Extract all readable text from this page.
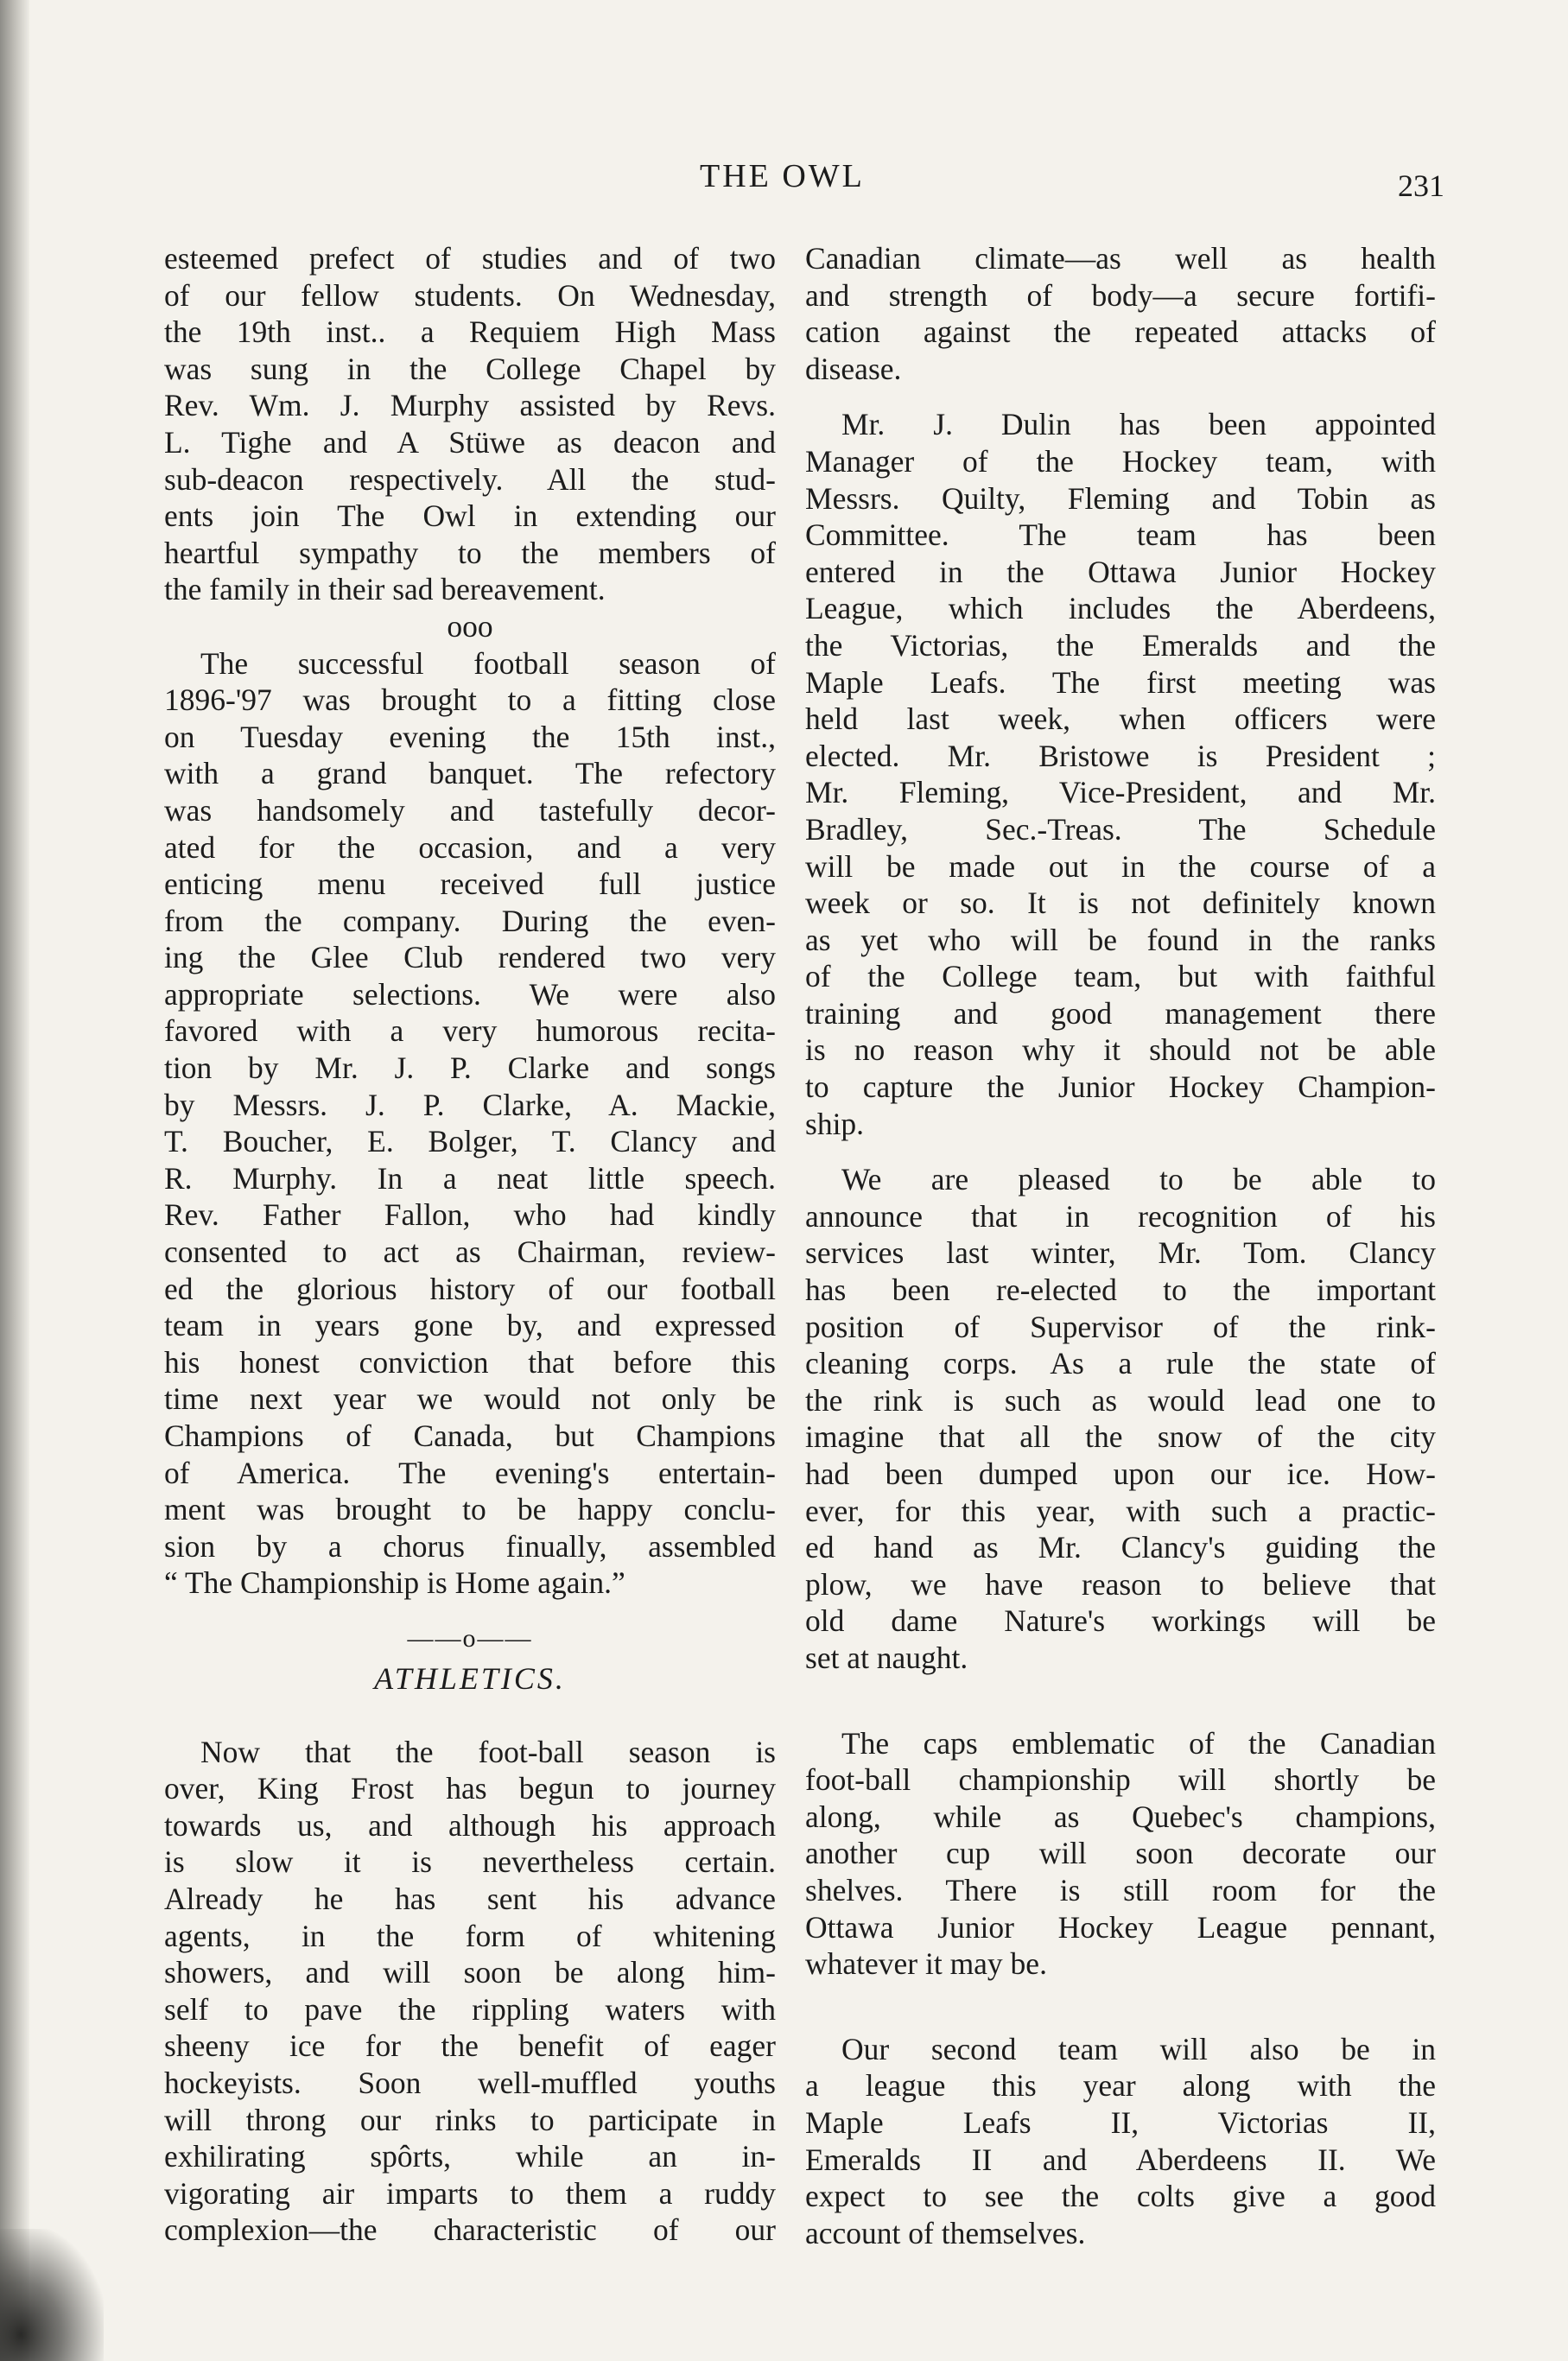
THE OWL	231
esteemed prefect of studies and of two
of our fellow students. On Wednesday,
the 19th inst.. a Requiem High Mass
was sung in the College Chapel by
Rev. Wm. J. Murphy assisted by Revs.
L. Tighe and A Stüwe as deacon and
sub-deacon respectively. All the stud-
ents join The Owl in extending our
heartful sympathy to the members of
the family in their sad bereavement.
ooo
The successful football season of
1896-'97 was brought to a fitting close
on Tuesday evening the 15th inst.,
with a grand banquet. The refectory
was handsomely and tastefully decor-
ated for the occasion, and a very
enticing menu received full justice
from the company. During the even-
ing the Glee Club rendered two very
appropriate selections. We were also
favored with a very humorous recita-
tion by Mr. J. P. Clarke and songs
by Messrs. J. P. Clarke, A. Mackie,
T. Boucher, E. Bolger, T. Clancy and
R. Murphy. In a neat little speech.
Rev. Father Fallon, who had kindly
consented to act as Chairman, review-
ed the glorious history of our football
team in years gone by, and expressed
his honest conviction that before this
time next year we would not only be
Champions of Canada, but Champions
of America. The evening's entertain-
ment was brought to be happy conclu-
sion by a chorus finually, assembled
“ The Championship is Home again.”
——o——
ATHLETICS.
Now that the foot-ball season is
over, King Frost has begun to journey
towards us, and although his approach
is slow it is nevertheless certain.
Already he has sent his advance
agents, in the form of whitening
showers, and will soon be along him-
self to pave the rippling waters with
sheeny ice for the benefit of eager
hockeyists. Soon well-muffled youths
will throng our rinks to participate in
exhilirating spôrts, while an in-
vigorating air imparts to them a ruddy
complexion—the characteristic of our
Canadian climate—as well as health
and strength of body—a secure fortifi-
cation against the repeated attacks of
disease.
Mr. J. Dulin has been appointed
Manager of the Hockey team, with
Messrs. Quilty, Fleming and Tobin as
Committee. The team has been
entered in the Ottawa Junior Hockey
League, which includes the Aberdeens,
the Victorias, the Emeralds and the
Maple Leafs. The first meeting was
held last week, when officers were
elected. Mr. Bristowe is President ;
Mr. Fleming, Vice-President, and Mr.
Bradley, Sec.-Treas. The Schedule
will be made out in the course of a
week or so. It is not definitely known
as yet who will be found in the ranks
of the College team, but with faithful
training and good management there
is no reason why it should not be able
to capture the Junior Hockey Champion-
ship.
We are pleased to be able to
announce that in recognition of his
services last winter, Mr. Tom. Clancy
has been re-elected to the important
position of Supervisor of the rink-
cleaning corps. As a rule the state of
the rink is such as would lead one to
imagine that all the snow of the city
had been dumped upon our ice. How-
ever, for this year, with such a practic-
ed hand as Mr. Clancy's guiding the
plow, we have reason to believe that
old dame Nature's workings will be
set at naught.
The caps emblematic of the Canadian
foot-ball championship will shortly be
along, while as Quebec's champions,
another cup will soon decorate our
shelves. There is still room for the
Ottawa Junior Hockey League pennant,
whatever it may be.
Our second team will also be in
a league this year along with the
Maple Leafs II, Victorias II,
Emeralds II and Aberdeens II. We
expect to see the colts give a good
account of themselves.
